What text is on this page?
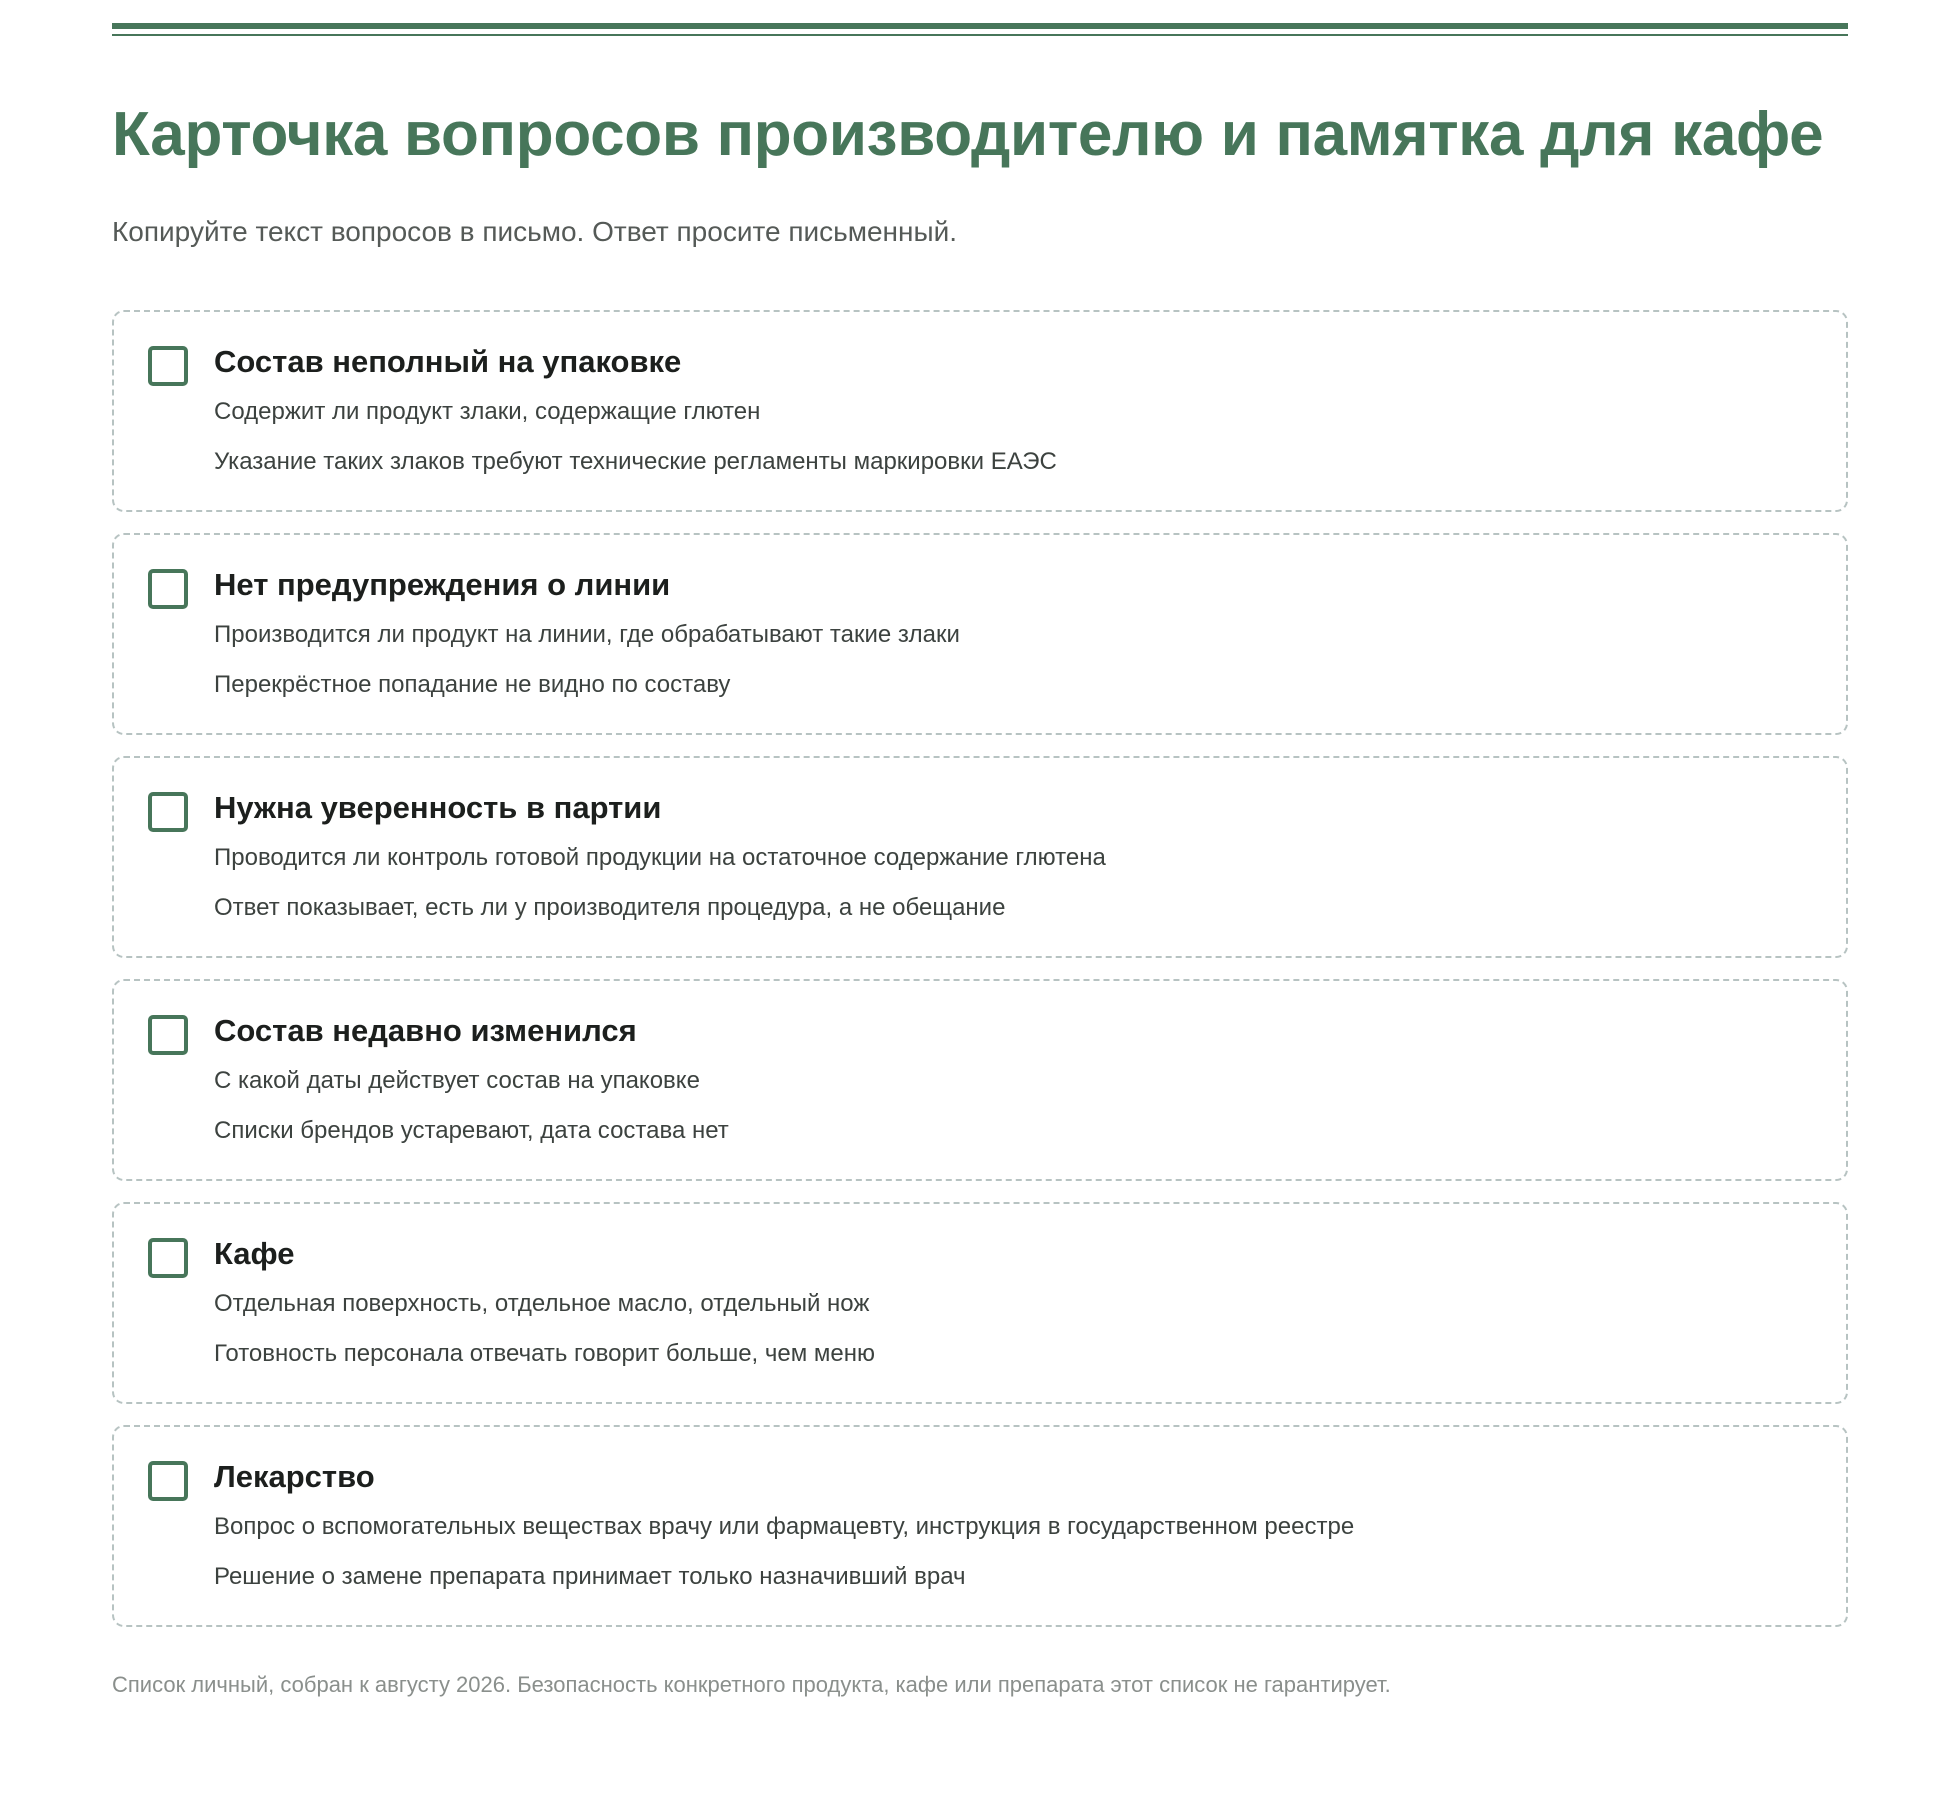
Карточка вопросов производителю и памятка для кафе

Копируйте текст вопросов в письмо. Ответ просите письменный.

Состав неполный на упаковке
Содержит ли продукт злаки, содержащие глютен
Указание таких злаков требуют технические регламенты маркировки ЕАЭС
Нет предупреждения о линии
Производится ли продукт на линии, где обрабатывают такие злаки
Перекрёстное попадание не видно по составу
Нужна уверенность в партии
Проводится ли контроль готовой продукции на остаточное содержание глютена
Ответ показывает, есть ли у производителя процедура, а не обещание
Состав недавно изменился
С какой даты действует состав на упаковке
Списки брендов устаревают, дата состава нет
Кафе
Отдельная поверхность, отдельное масло, отдельный нож
Готовность персонала отвечать говорит больше, чем меню
Лекарство
Вопрос о вспомогательных веществах врачу или фармацевту, инструкция в государственном реестре
Решение о замене препарата принимает только назначивший врач

Список личный, собран к августу 2026. Безопасность конкретного продукта, кафе или препарата этот список не гарантирует.
